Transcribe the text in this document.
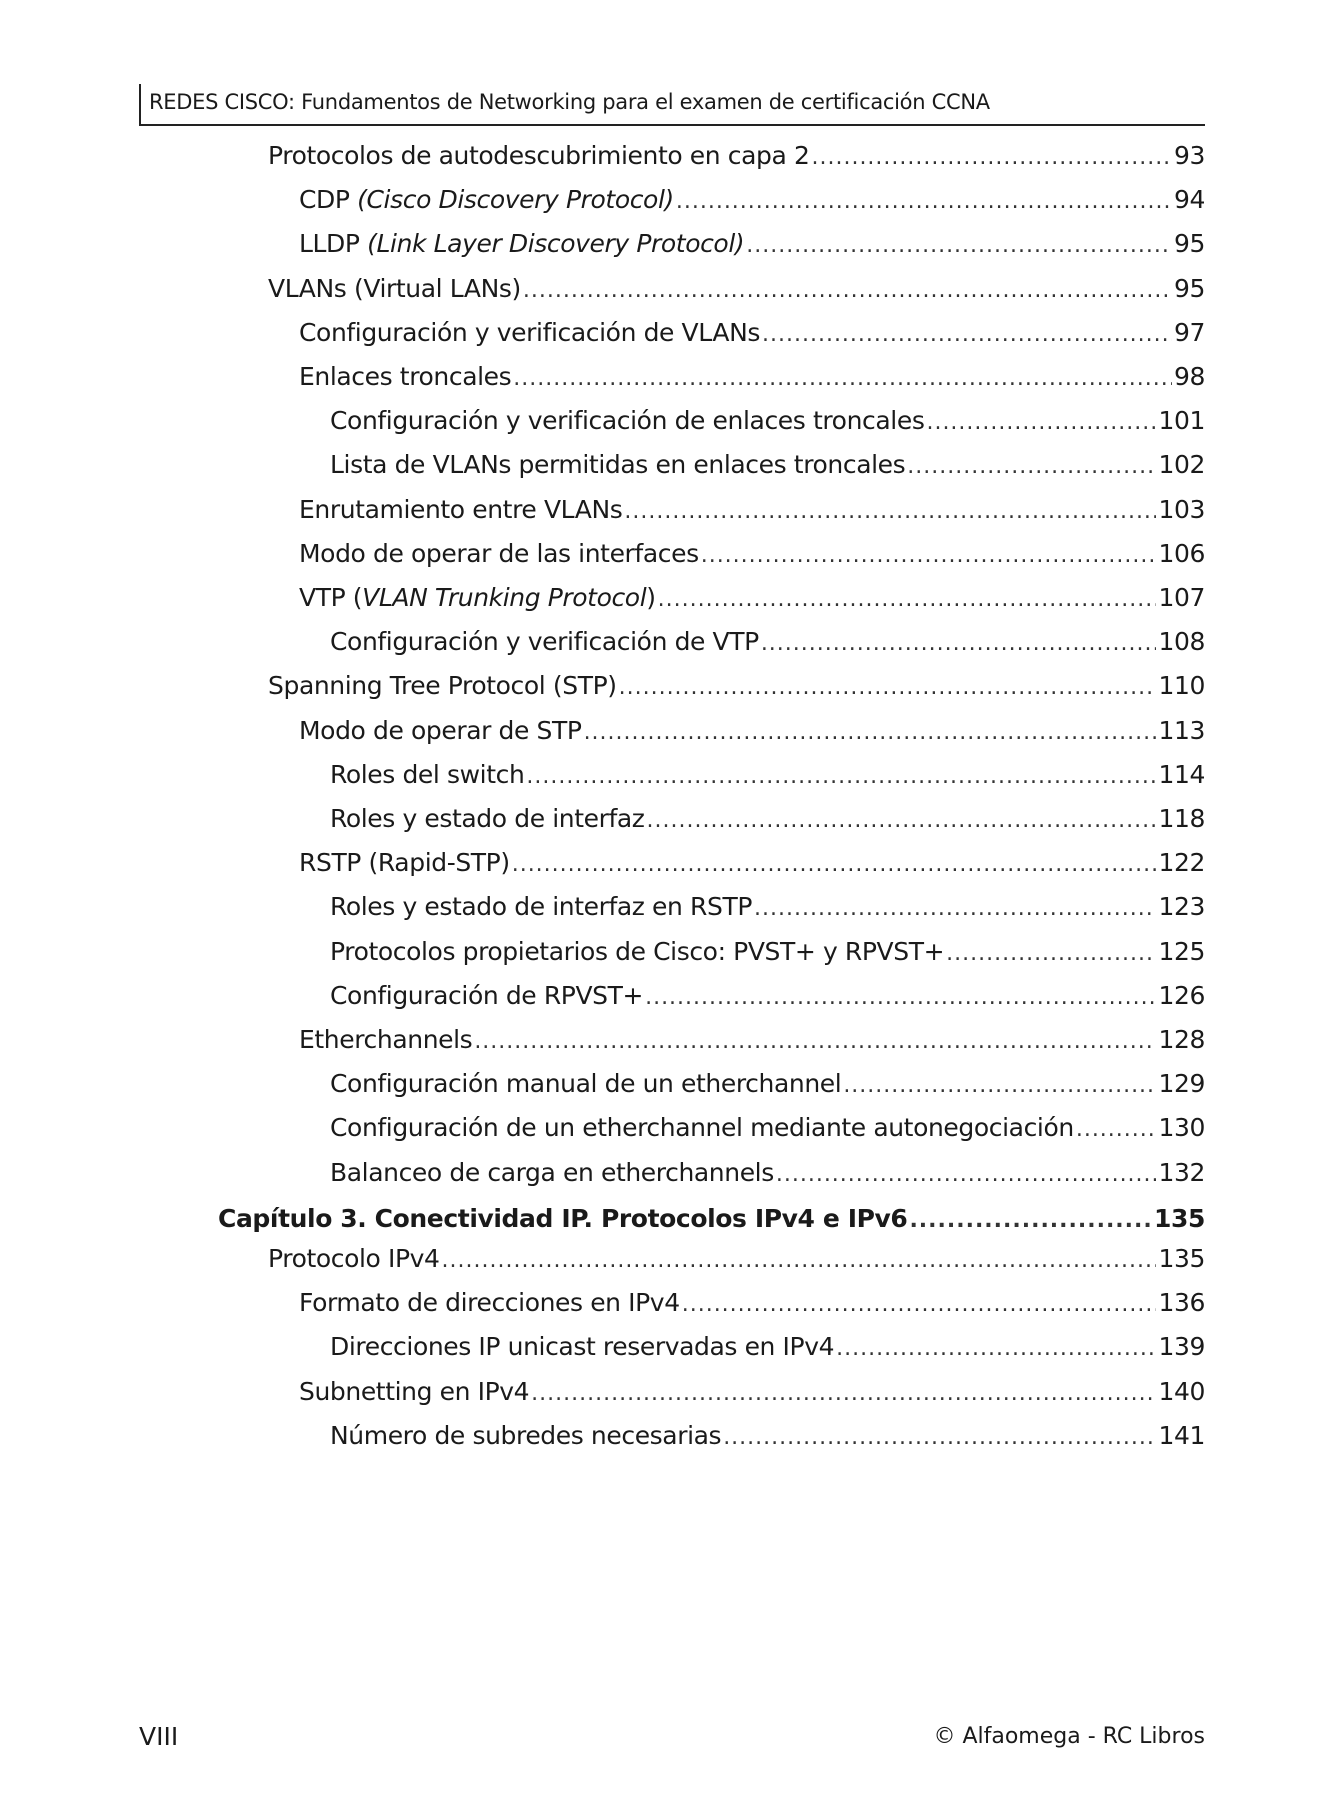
REDES CISCO: Fundamentos de Networking para el examen de certificación CCNA
Protocolos de autodescubrimiento en capa 2 .....	93
CDP (Cisco Discovery Protocol) .....	94
LLDP (Link Layer Discovery Protocol) .....	95
VLANs (Virtual LANs) .....	95
Configuración y verificación de VLANs .....	97
Enlaces troncales .....	98
Configuración y verificación de enlaces troncales .....	101
Lista de VLANs permitidas en enlaces troncales .....	102
Enrutamiento entre VLANs .....	103
Modo de operar de las interfaces .....	106
VTP (VLAN Trunking Protocol) .....	107
Configuración y verificación de VTP .....	108
Spanning Tree Protocol (STP) .....	110
Modo de operar de STP .....	113
Roles del switch .....	114
Roles y estado de interfaz .....	118
RSTP (Rapid-STP) .....	122
Roles y estado de interfaz en RSTP .....	123
Protocolos propietarios de Cisco: PVST+ y RPVST+ .....	125
Configuración de RPVST+ .....	126
Etherchannels .....	128
Configuración manual de un etherchannel .....	129
Configuración de un etherchannel mediante autonegociación .....	130
Balanceo de carga en etherchannels .....	132
Capítulo 3. Conectividad IP. Protocolos IPv4 e IPv6 .....	135
Protocolo IPv4 .....	135
Formato de direcciones en IPv4 .....	136
Direcciones IP unicast reservadas en IPv4 .....	139
Subnetting en IPv4 .....	140
Número de subredes necesarias .....	141
VIII	© Alfaomega - RC Libros
